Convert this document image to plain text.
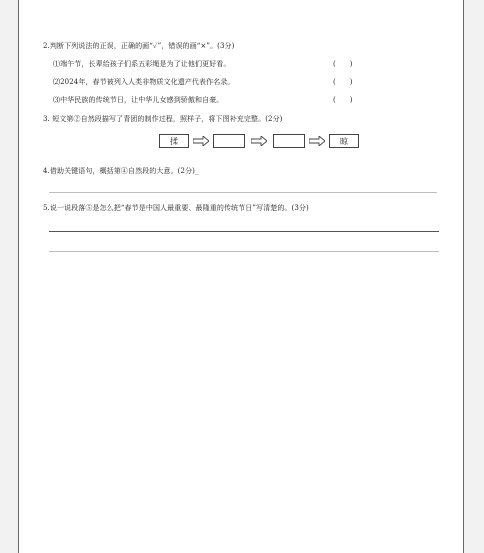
2.判断下列说法的正误，正确的画“✓”，错误的画“×”。(3分)
⑴端午节，长辈给孩子们系五彩绳是为了让他们更好看。	(　　)
⑵2024年，春节被列入人类非物质文化遗产代表作名录。	(　　)
⑶中华民族的传统节日，让中华儿女感到骄傲和自豪。	(　　)
3. 短文第②自然段描写了青团的制作过程，照样子，将下图补充完整。(2分)
揉	晾
4.借助关键语句，概括第④自然段的大意。(2分)_
5.说一说段落⑤是怎么把“春节是中国人最重要、最隆重的传统节日”写清楚的。(3分)
